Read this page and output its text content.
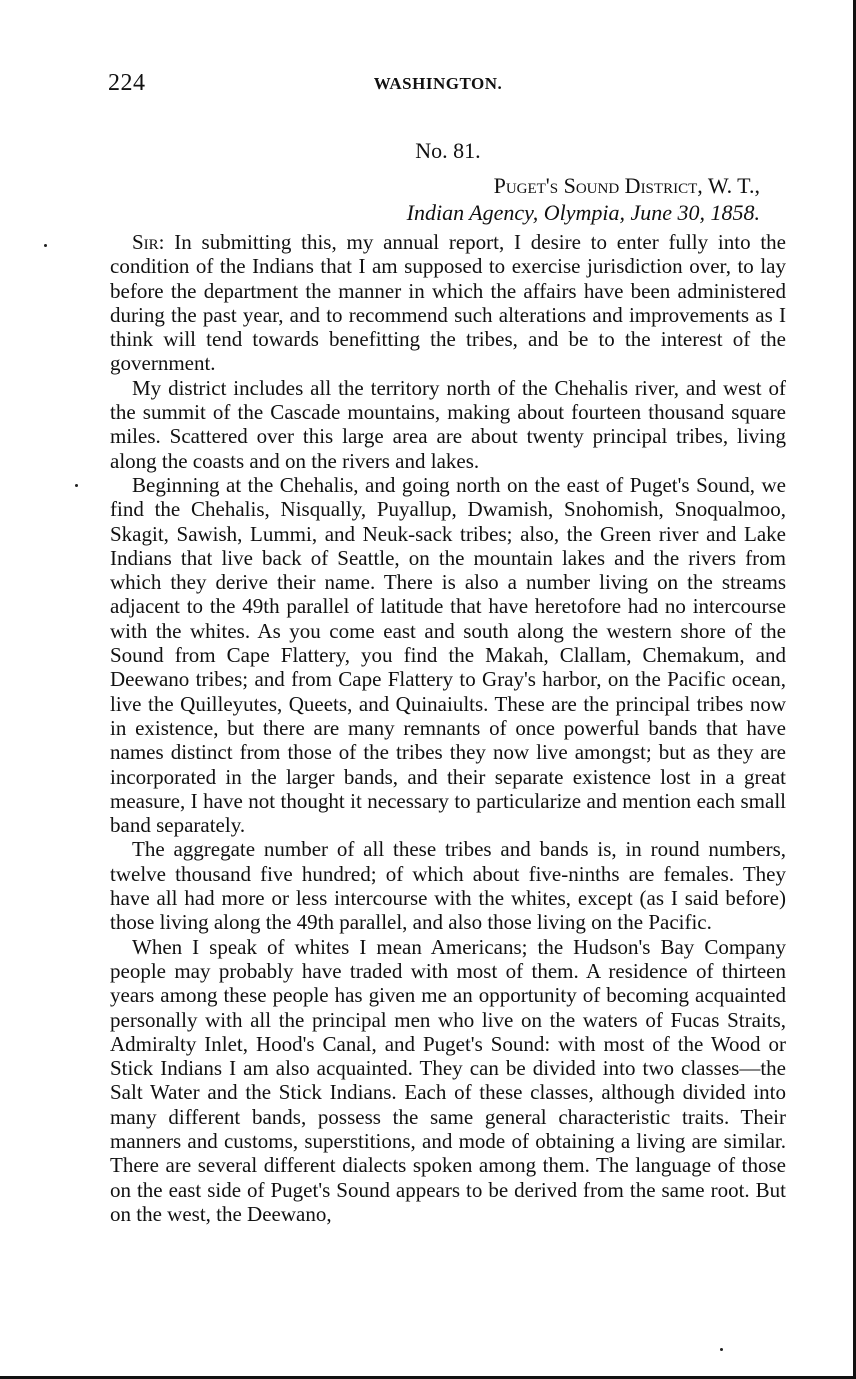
224	WASHINGTON.
No. 81.
Puget's Sound District, W. T.,
Indian Agency, Olympia, June 30, 1858.

Sir: In submitting this, my annual report, I desire to enter fully into the condition of the Indians that I am supposed to exercise jurisdiction over, to lay before the department the manner in which the affairs have been administered during the past year, and to recommend such alterations and improvements as I think will tend towards benefitting the tribes, and be to the interest of the government.

My district includes all the territory north of the Chehalis river, and west of the summit of the Cascade mountains, making about fourteen thousand square miles. Scattered over this large area are about twenty principal tribes, living along the coasts and on the rivers and lakes.

Beginning at the Chehalis, and going north on the east of Puget's Sound, we find the Chehalis, Nisqually, Puyallup, Dwamish, Snohomish, Snoqualmoo, Skagit, Sawish, Lummi, and Neuk-sack tribes; also, the Green river and Lake Indians that live back of Seattle, on the mountain lakes and the rivers from which they derive their name. There is also a number living on the streams adjacent to the 49th parallel of latitude that have heretofore had no intercourse with the whites. As you come east and south along the western shore of the Sound from Cape Flattery, you find the Makah, Clallam, Chemakum, and Deewano tribes; and from Cape Flattery to Gray's harbor, on the Pacific ocean, live the Quilleyutes, Queets, and Quinaiults. These are the principal tribes now in existence, but there are many remnants of once powerful bands that have names distinct from those of the tribes they now live amongst; but as they are incorporated in the larger bands, and their separate existence lost in a great measure, I have not thought it necessary to particularize and mention each small band separately.

The aggregate number of all these tribes and bands is, in round numbers, twelve thousand five hundred; of which about five-ninths are females. They have all had more or less intercourse with the whites, except (as I said before) those living along the 49th parallel, and also those living on the Pacific.

When I speak of whites I mean Americans; the Hudson's Bay Company people may probably have traded with most of them. A residence of thirteen years among these people has given me an opportunity of becoming acquainted personally with all the principal men who live on the waters of Fucas Straits, Admiralty Inlet, Hood's Canal, and Puget's Sound: with most of the Wood or Stick Indians I am also acquainted. They can be divided into two classes—the Salt Water and the Stick Indians. Each of these classes, although divided into many different bands, possess the same general characteristic traits. Their manners and customs, superstitions, and mode of obtaining a living are similar. There are several different dialects spoken among them. The language of those on the east side of Puget's Sound appears to be derived from the same root. But on the west, the Deewano,
